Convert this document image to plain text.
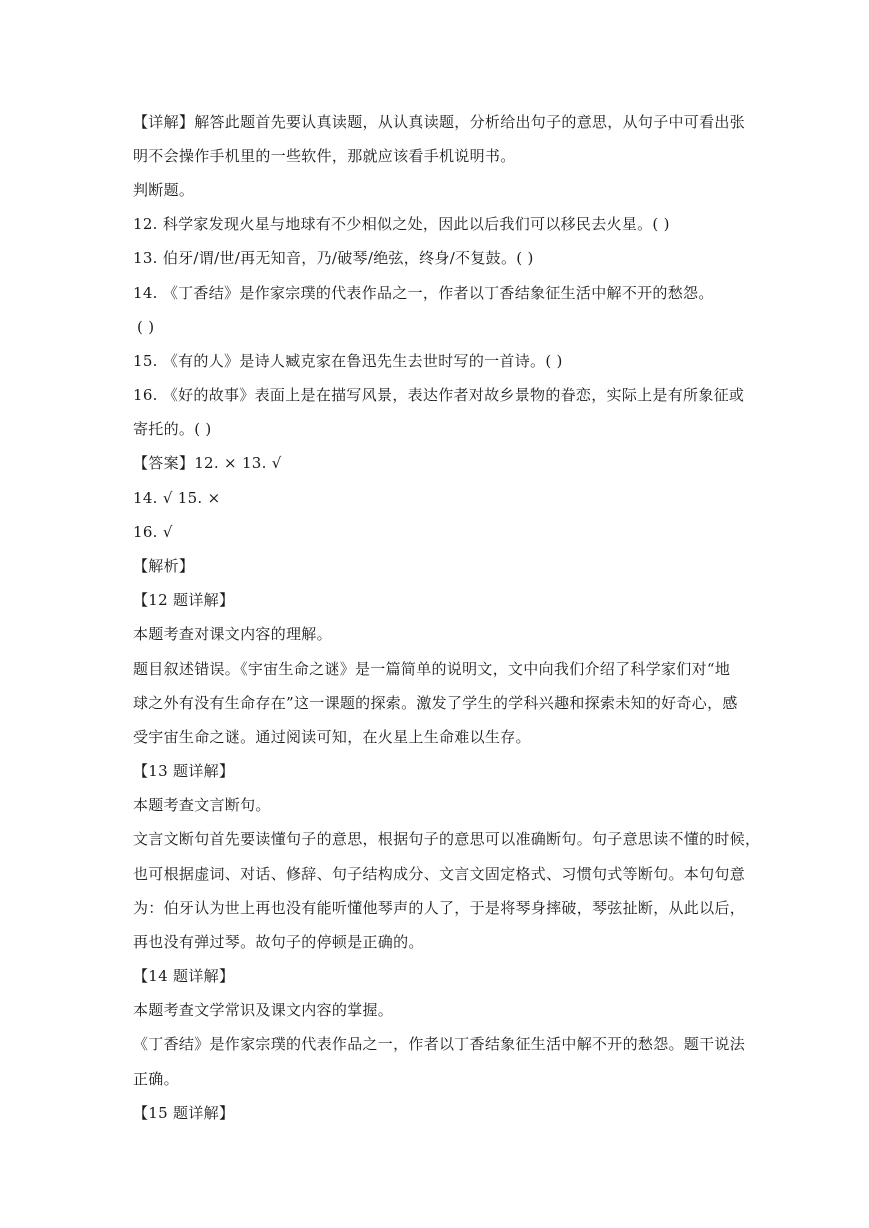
【详解】解答此题首先要认真读题，从认真读题，分析给出句子的意思，从句子中可看出张
明不会操作手机里的一些软件，那就应该看手机说明书。
判断题。
12. 科学家发现火星与地球有不少相似之处，因此以后我们可以移民去火星。( )
13. 伯牙/谓/世/再无知音，乃/破琴/绝弦，终身/不复鼓。( )
14. 《丁香结》是作家宗璞的代表作品之一，作者以丁香结象征生活中解不开的愁怨。
( )
15. 《有的人》是诗人臧克家在鲁迅先生去世时写的一首诗。( )
16. 《好的故事》表面上是在描写风景，表达作者对故乡景物的眷恋，实际上是有所象征或
寄托的。( )
【答案】12. × 13. √
14. √ 15. ×
16. √
【解析】
【12 题详解】
本题考查对课文内容的理解。
题目叙述错误。《宇宙生命之谜》是一篇简单的说明文，文中向我们介绍了科学家们对“地
球之外有没有生命存在”这一课题的探索。激发了学生的学科兴趣和探索未知的好奇心，感
受宇宙生命之谜。通过阅读可知，在火星上生命难以生存。
【13 题详解】
本题考查文言断句。
文言文断句首先要读懂句子的意思，根据句子的意思可以准确断句。句子意思读不懂的时候，
也可根据虚词、对话、修辞、句子结构成分、文言文固定格式、习惯句式等断句。本句句意
为：伯牙认为世上再也没有能听懂他琴声的人了，于是将琴身摔破，琴弦扯断，从此以后，
再也没有弹过琴。故句子的停顿是正确的。
【14 题详解】
本题考查文学常识及课文内容的掌握。
《丁香结》是作家宗璞的代表作品之一，作者以丁香结象征生活中解不开的愁怨。题干说法
正确。
【15 题详解】
